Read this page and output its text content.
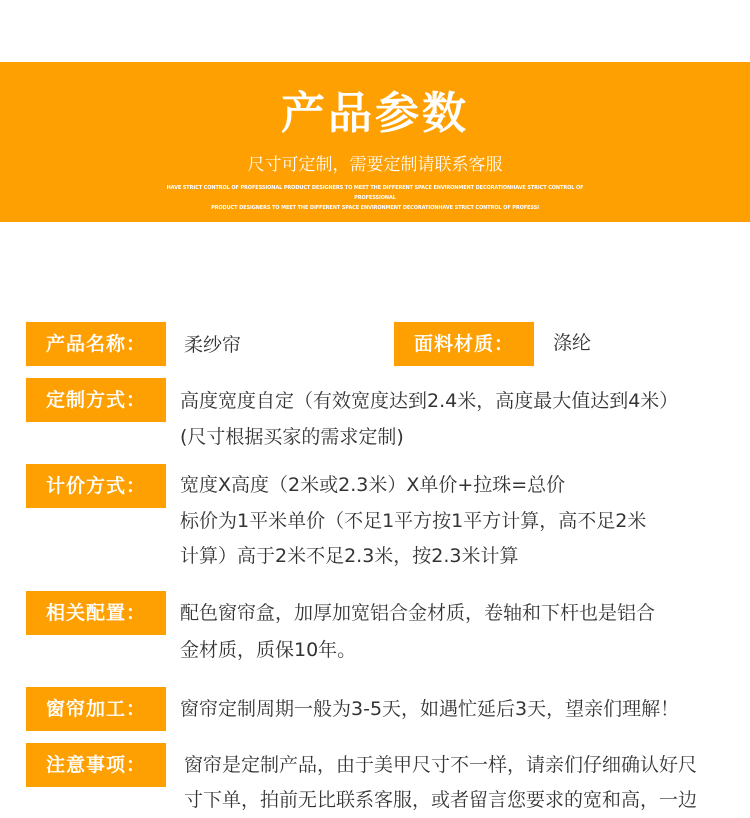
产品参数
尺寸可定制，需要定制请联系客服
HAVE STRICT CONTROL OF PROFESSIONAL PRODUCT DESIGNERS TO MEET THE DIFFERENT SPACE ENVIRONMENT DECORATIONHAVE STRICT CONTROL OF PROFESSIONAL
PRODUCT DESIGNERS TO MEET THE DIFFERENT SPACE ENVIRONMENT DECORATIONHAVE STRICT CONTROL OF PROFESSI
产品名称：	柔纱帘	面料材质：	涤纶
定制方式：	高度宽度自定（有效宽度达到2.4米，高度最大值达到4米）
(尺寸根据买家的需求定制)
计价方式：	宽度X高度（2米或2.3米）X单价+拉珠=总价
标价为1平米单价（不足1平方按1平方计算，高不足2米
计算）高于2米不足2.3米，按2.3米计算
相关配置：	配色窗帘盒，加厚加宽铝合金材质，卷轴和下杆也是铝合
金材质，质保10年。
窗帘加工：	窗帘定制周期一般为3-5天，如遇忙延后3天，望亲们理解！
注意事项：	窗帘是定制产品，由于美甲尺寸不一样，请亲们仔细确认好尺
寸下单，拍前无比联系客服，或者留言您要求的宽和高，一边
